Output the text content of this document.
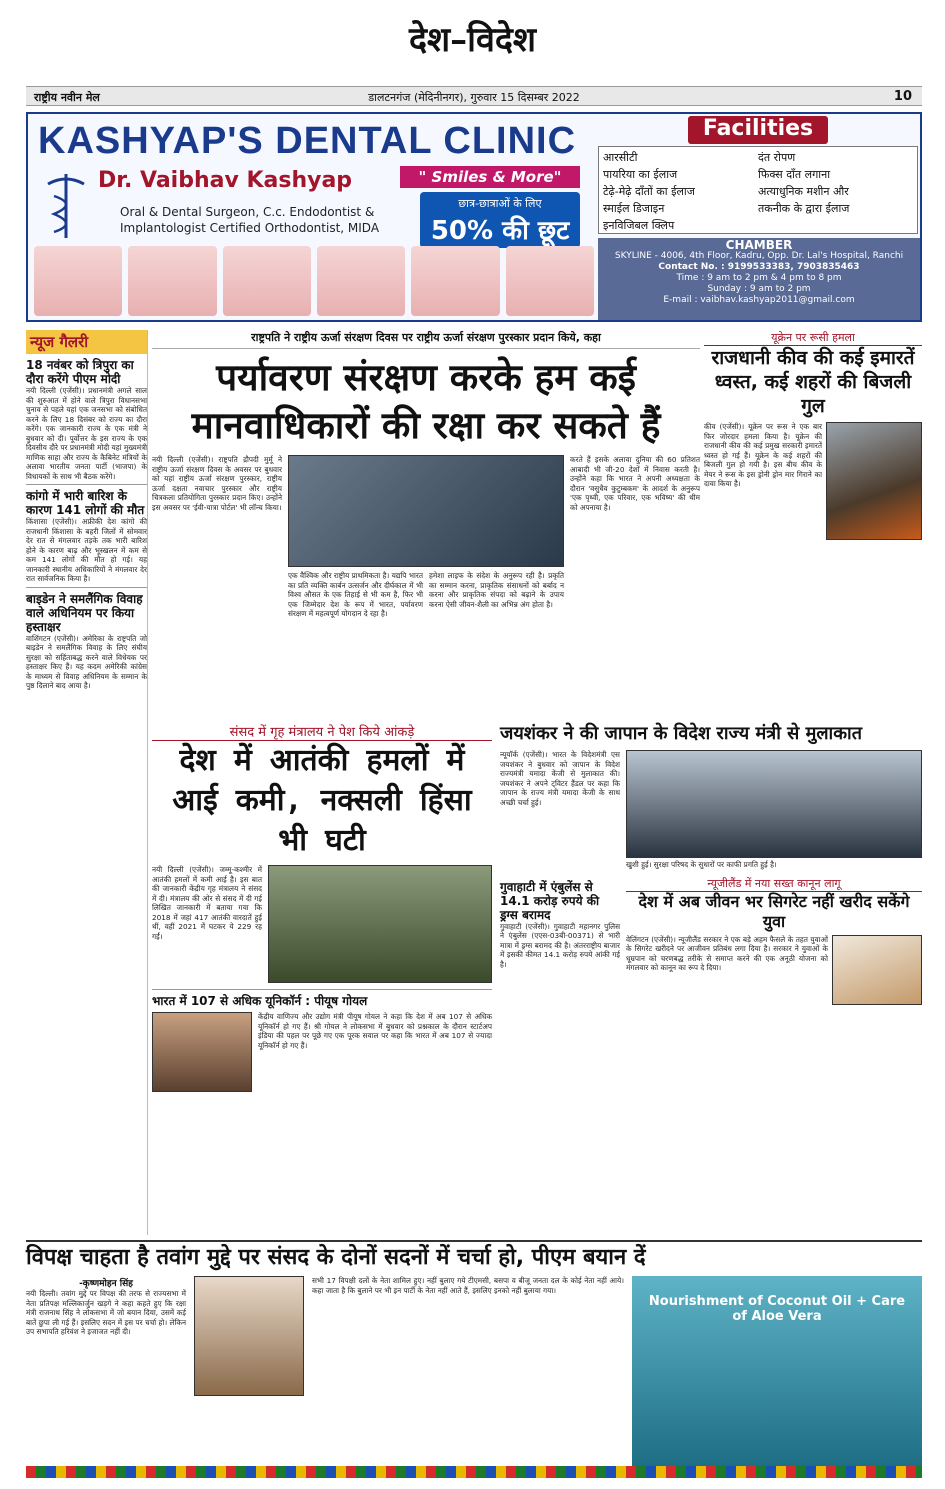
देश–विदेश
राष्ट्रीय नवीन मेल	डालटनगंज (मेदिनीनगर), गुरुवार 15 दिसम्बर 2022	10
KASHYAP'S DENTAL CLINIC
Dr. Vaibhav Kashyap
Oral & Dental Surgeon, C.c. Endodontist &
Implantologist Certified Orthodontist, MIDA
" Smiles & More"
छात्र-छात्राओं के लिए
50% की छूट
Facilities
आरसीटी
पायरिया का ईलाज
टेढ़े-मेढ़े दाँतों का ईलाज
स्माईल डिजाइन
इनविजिबल क्लिप
दंत रोपण
फिक्स दाँत लगाना
अत्याधुनिक मशीन और
तकनीक के द्वारा ईलाज
CHAMBER
SKYLINE - 4006, 4th Floor, Kadru, Opp. Dr. Lal's Hospital, Ranchi
Contact No. : 9199533383, 7903835463
Time : 9 am to 2 pm & 4 pm to 8 pm
Sunday : 9 am to 2 pm
E-mail : vaibhav.kashyap2011@gmail.com
न्यूज गैलरी
18 नवंबर को त्रिपुरा का दौरा करेंगे पीएम मोदी
नयी दिल्ली (एजेंसी)। प्रधानमंत्री अगले साल की शुरुआत में होने वाले त्रिपुरा विधानसभा चुनाव से पहले यहां एक जनसभा को संबोधित करने के लिए 18 दिसंबर को राज्य का दौरा करेंगे। एक जानकारी राज्य के एक मंत्री ने बुधवार को दी। पूर्वोत्तर के इस राज्य के एक दिवसीय दौरे पर प्रधानमंत्री मोदी यहां मुख्यमंत्री माणिक साहा और राज्य के कैबिनेट मंत्रियों के अलावा भारतीय जनता पार्टी (भाजपा) के विधायकों के साथ भी बैठक करेंगे।
कांगो में भारी बारिश के कारण 141 लोगों की मौत
किंशासा (एजेंसी)। अफ्रीकी देश कांगो की राजधानी किंशासा के बहरी जिलों में सोमवार देर रात से मंगलवार तड़के तक भारी बारिश होने के कारण बाढ़ और भूस्खलन में कम से कम 141 लोगों की मौत हो गई। यह जानकारी स्थानीय अधिकारियों ने मंगलवार देर रात सार्वजनिक किया है।
बाइडेन ने समलैंगिक विवाह वाले अधिनियम पर किया हस्ताक्षर
वाशिंगटन (एजेंसी)। अमेरिका के राष्ट्रपति जो बाइडेन ने समलैंगिक विवाह के लिए संघीय सुरक्षा को सहिंताबद्ध करने वाले विधेयक पर हस्ताक्षर किए हैं। यह कदम अमेरिकी कांग्रेस के माध्यम से विवाह अधिनियम के सम्मान के पुष्ठ दिलाने बाद आया है।
राष्ट्रपति ने राष्ट्रीय ऊर्जा संरक्षण दिवस पर राष्ट्रीय ऊर्जा संरक्षण पुरस्कार प्रदान किये, कहा
पर्यावरण संरक्षण करके हम कई मानवाधिकारों की रक्षा कर सकते हैं
नयी दिल्ली (एजेंसी)। राष्ट्रपति द्रौपदी मुर्मू ने राष्ट्रीय ऊर्जा संरक्षण दिवस के अवसर पर बुधवार को यहां राष्ट्रीय ऊर्जा संरक्षण पुरस्कार, राष्ट्रीय ऊर्जा दक्षता नवाचार पुरस्कार और राष्ट्रीय चित्रकला प्रतियोगिता पुरस्कार प्रदान किए। उन्होंने इस अवसर पर 'ईवी-यात्रा पोर्टल' भी लॉन्च किया।
एक वैश्विक और राष्ट्रीय प्राथमिकता है। यद्यपि भारत का प्रति व्यक्ति कार्बन उत्सर्जन और दीर्घकाल में भी विश्व औसत के एक तिहाई से भी कम है, फिर भी एक जिम्मेदार देश के रूप में भारत, पर्यावरण संरक्षण में महत्वपूर्ण योगदान दे रहा है।
हमेशा लाइफ के संदेश के अनुरूप रही है। प्रकृति का सम्मान करना, प्राकृतिक संसाधनों को बर्बाद न करना और प्राकृतिक संपदा को बढ़ाने के उपाय करना ऐसी जीवन-शैली का अभिन्न अंग होता है।
करते हैं इसके अलावा दुनिया की 60 प्रतिशत आबादी भी जी-20 देशों में निवास करती है। उन्होंने कहा कि भारत ने अपनी अध्यक्षता के दौरान 'वसुधैव कुटुम्बकम' के आदर्श के अनुरूप 'एक पृथ्वी, एक परिवार, एक भविष्य' की थीम को अपनाया है।
यूक्रेन पर रूसी हमला
राजधानी कीव की कई इमारतें ध्वस्त, कई शहरों की बिजली गुल
कीव (एजेंसी)। यूक्रेन पर रूस ने एक बार फिर जोरदार हमला किया है। यूक्रेन की राजधानी कीव की कई प्रमुख सरकारी इमारतें ध्वस्त हो गई हैं। यूक्रेन के कई शहरों की बिजली गुल हो गयी है। इस बीच कीव के मेयर ने रूस के इस ड्रोनी ड्रोन मार गिराने का दावा किया है।
संसद में गृह मंत्रालय ने पेश किये आंकड़े
देश में आतंकी हमलों में आई कमी, नक्सली हिंसा भी घटी
नयी दिल्ली (एजेंसी)। जम्मू-कश्मीर में आतंकी हमलों में कमी आई है। इस बात की जानकारी केंद्रीय गृह मंत्रालय ने संसद में दी। मंत्रालय की ओर से संसद में दी गई लिखित जानकारी में बताया गया कि 2018 में जहां 417 आतंकी वारदातें हुई थीं, वहीं 2021 में घटकर ये 229 रह गईं।
भारत में 107 से अधिक यूनिकॉर्न : पीयूष गोयल
केंद्रीय वाणिज्य और उद्योग मंत्री पीयूष गोयल ने कहा कि देश में अब 107 से अधिक यूनिकॉर्न हो गए हैं। श्री गोयल ने लोकसभा में बुधवार को प्रश्नकाल के दौरान स्टार्टअप इंडिया की पहल पर पूछे गए एक पूरक सवाल पर कहा कि भारत में अब 107 से ज्यादा यूनिकॉर्न हो गए हैं।
जयशंकर ने की जापान के विदेश राज्य मंत्री से मुलाकात
न्यूयॉर्क (एजेंसी)। भारत के विदेशमंत्री एस जयशंकर ने बुधवार को जापान के विदेश राज्यमंत्री यमादा केंजी से मुलाकात की। जयशंकर ने अपने ट्विटर हैंडल पर कहा कि जापान के राज्य मंत्री यमादा केंजी के साथ अच्छी चर्चा हुई।
खुशी हुई। सुरक्षा परिषद के सुधारों पर काफी प्रगति हुई है।
गुवाहाटी में एंबुलेंस से 14.1 करोड़ रुपये की ड्रग्स बरामद
गुवाहाटी (एजेंसी)। गुवाहाटी महानगर पुलिस ने एंबुलेंस (एएस-03बी-00371) से भारी मात्रा में ड्रग्स बरामद की है। अंतरराष्ट्रीय बाजार में इसकी कीमत 14.1 करोड़ रुपये आंकी गई है।
न्यूजीलैंड में नया सख्त कानून लागू
देश में अब जीवन भर सिगरेट नहीं खरीद सकेंगे युवा
वेलिंगटन (एजेंसी)। न्यूजीलैंड सरकार ने एक बड़े अहम फैसले के तहत युवाओं के सिगरेट खरीदने पर आजीवन प्रतिबंध लगा दिया है। सरकार ने युवाओं के धूम्रपान को चरणबद्ध तरीके से समाप्त करने की एक अनूठी योजना को मंगलवार को कानून का रूप दे दिया।
विपक्ष चाहता है तवांग मुद्दे पर संसद के दोनों सदनों में चर्चा हो, पीएम बयान दें
-कृष्णमोहन सिंह
नयी दिल्ली। तवांग मुद्दे पर विपक्ष की तरफ से राज्यसभा में नेता प्रतिपक्ष मल्लिकार्जुन खड़गे ने कहा कहते हुए कि रक्षा मंत्री राजनाथ सिंह ने लोकसभा में जो बयान दिया, उसमें कई बातें छुपा ली गई हैं। इसलिए सदन में इस पर चर्चा हो। लेकिन उप सभापति हरिवंश ने इजाजत नहीं दी।
सभी 17 विपक्षी दलों के नेता शामिल हुए। नहीं बुलाए गये टीएमसी, बसपा व बीजू जनता दल के कोई नेता नहीं आये। कहा जाता है कि बुलाने पर भी इन पार्टी के नेता नहीं आते हैं, इसलिए इनको नहीं बुलाया गया।
Nourishment of Coconut Oil + Care of Aloe Vera
